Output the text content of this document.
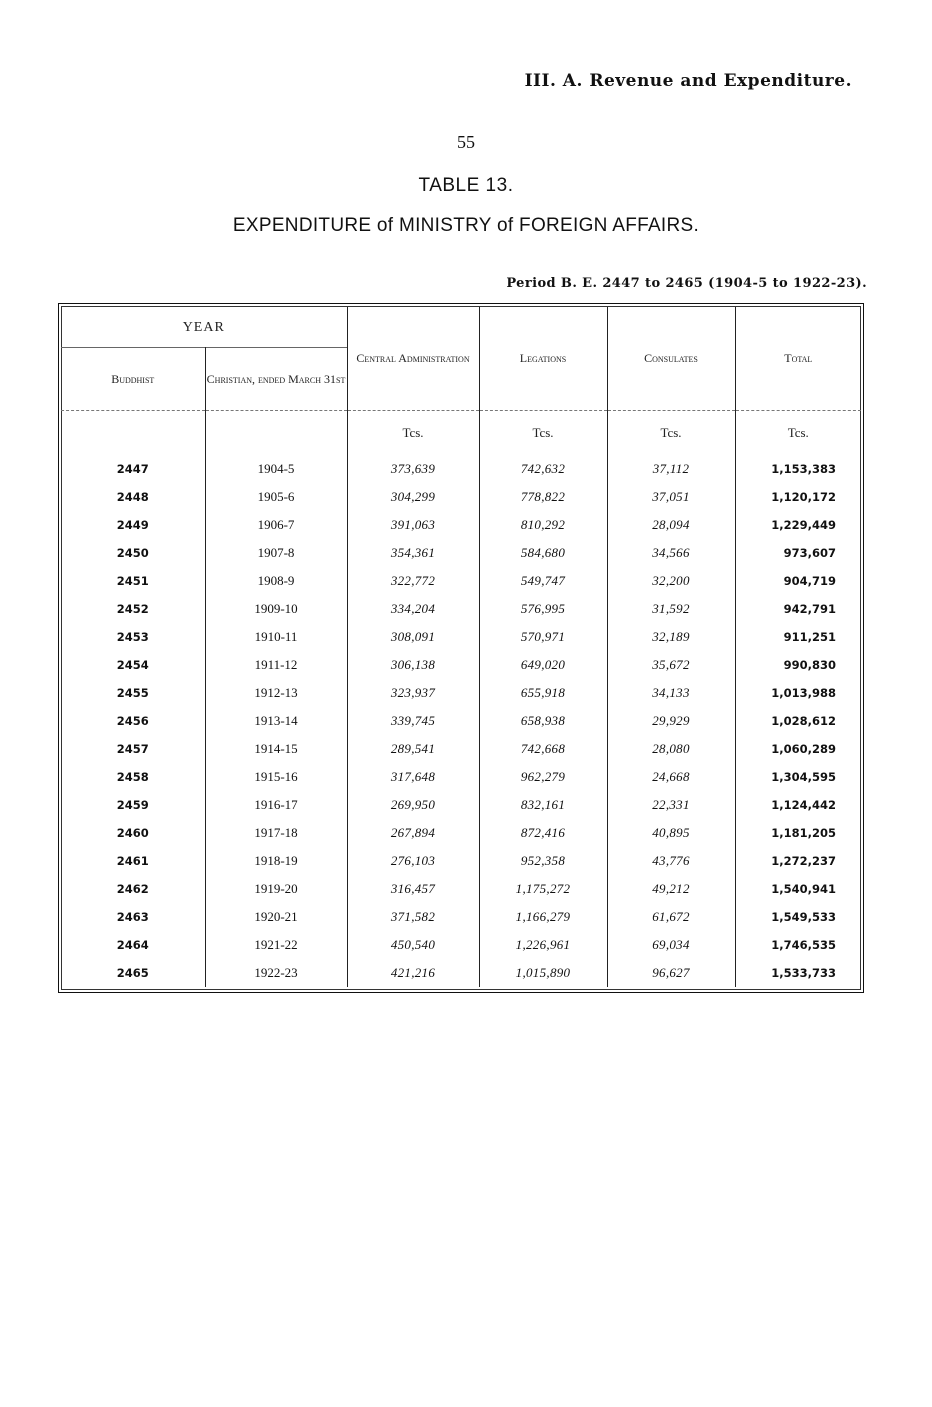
III. A. Revenue and Expenditure.
55
TABLE 13.
EXPENDITURE of MINISTRY of FOREIGN AFFAIRS.
Period B. E. 2447 to 2465 (1904-5 to 1922-23).
YEAR		Central Administration	Legations	Consulates	Total
Buddhist	Christian, ended March 31st				
		Tcs.	Tcs.	Tcs.	Tcs.
2447	1904-5	373,639	742,632	37,112	1,153,383
2448	1905-6	304,299	778,822	37,051	1,120,172
2449	1906-7	391,063	810,292	28,094	1,229,449
2450	1907-8	354,361	584,680	34,566	973,607
2451	1908-9	322,772	549,747	32,200	904,719
2452	1909-10	334,204	576,995	31,592	942,791
2453	1910-11	308,091	570,971	32,189	911,251
2454	1911-12	306,138	649,020	35,672	990,830
2455	1912-13	323,937	655,918	34,133	1,013,988
2456	1913-14	339,745	658,938	29,929	1,028,612
2457	1914-15	289,541	742,668	28,080	1,060,289
2458	1915-16	317,648	962,279	24,668	1,304,595
2459	1916-17	269,950	832,161	22,331	1,124,442
2460	1917-18	267,894	872,416	40,895	1,181,205
2461	1918-19	276,103	952,358	43,776	1,272,237
2462	1919-20	316,457	1,175,272	49,212	1,540,941
2463	1920-21	371,582	1,166,279	61,672	1,549,533
2464	1921-22	450,540	1,226,961	69,034	1,746,535
2465	1922-23	421,216	1,015,890	96,627	1,533,733
